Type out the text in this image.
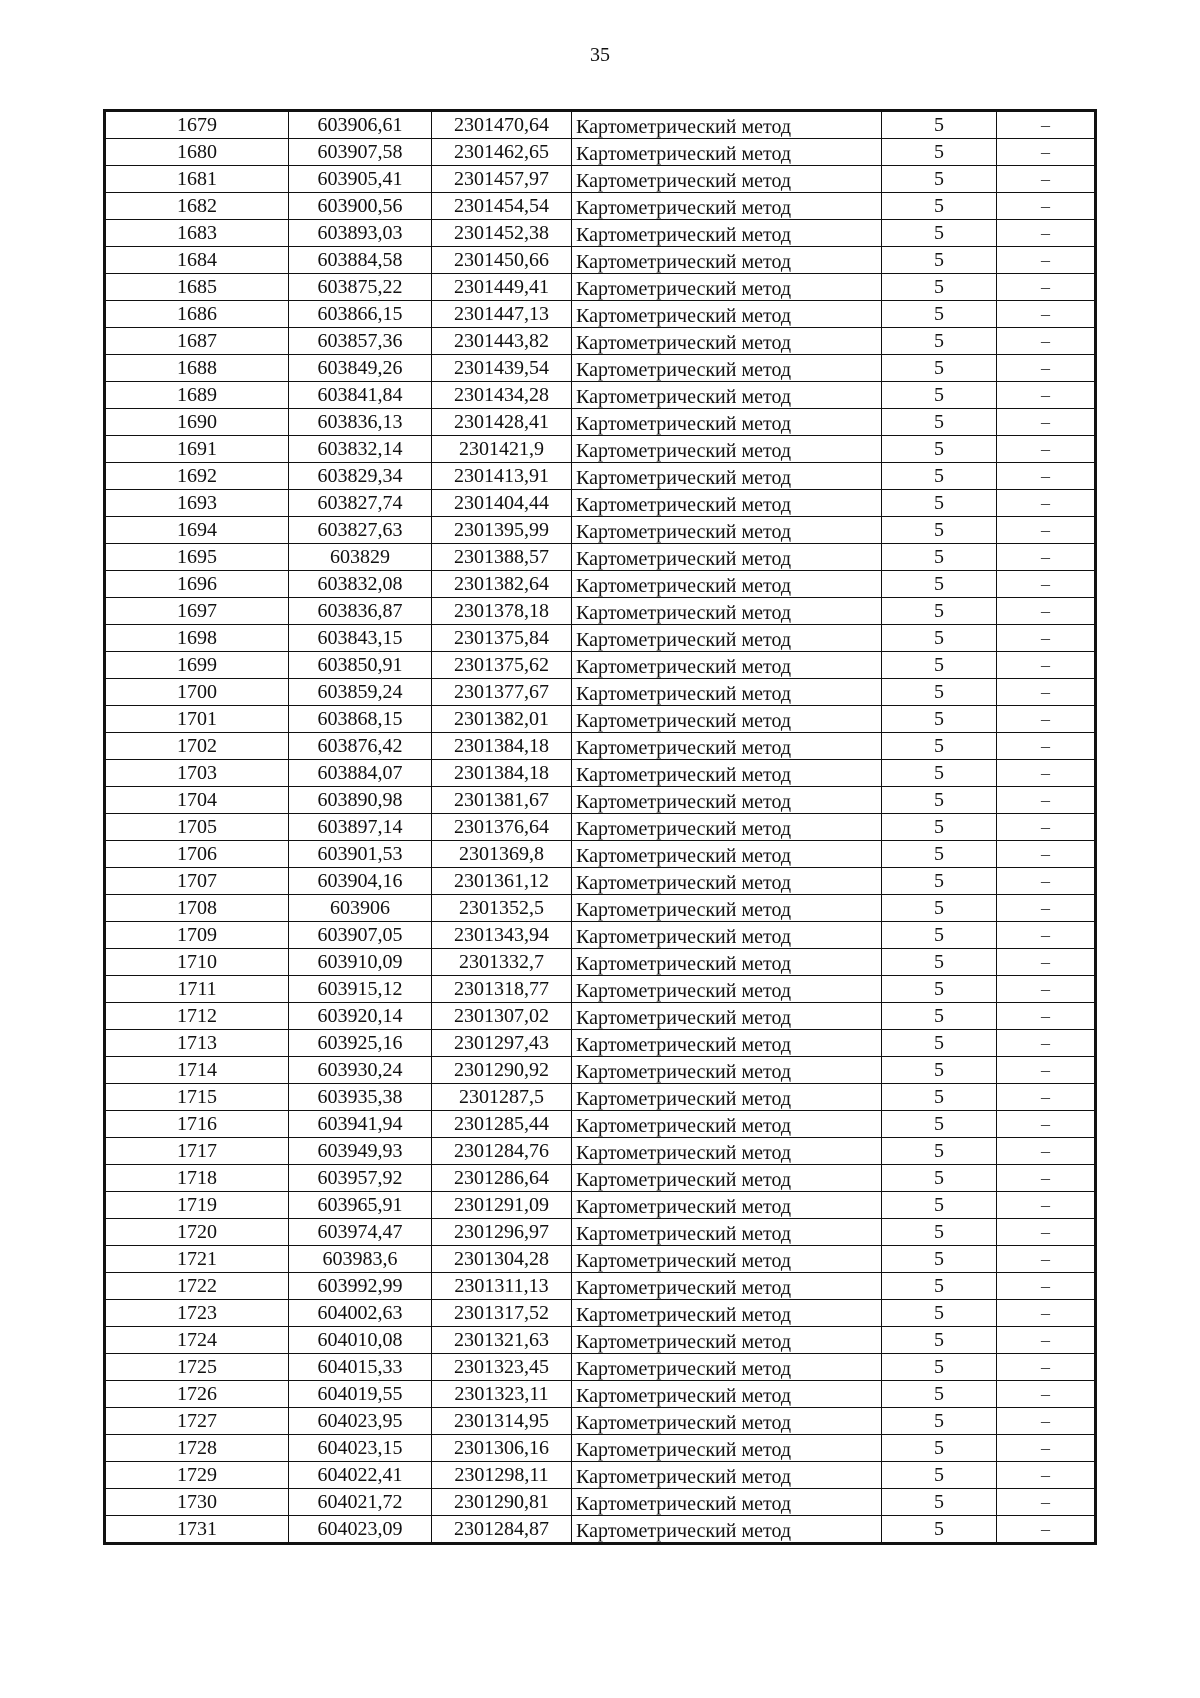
35
1679	603906,61	2301470,64	Картометрический метод	5	–
1680	603907,58	2301462,65	Картометрический метод	5	–
1681	603905,41	2301457,97	Картометрический метод	5	–
1682	603900,56	2301454,54	Картометрический метод	5	–
1683	603893,03	2301452,38	Картометрический метод	5	–
1684	603884,58	2301450,66	Картометрический метод	5	–
1685	603875,22	2301449,41	Картометрический метод	5	–
1686	603866,15	2301447,13	Картометрический метод	5	–
1687	603857,36	2301443,82	Картометрический метод	5	–
1688	603849,26	2301439,54	Картометрический метод	5	–
1689	603841,84	2301434,28	Картометрический метод	5	–
1690	603836,13	2301428,41	Картометрический метод	5	–
1691	603832,14	2301421,9	Картометрический метод	5	–
1692	603829,34	2301413,91	Картометрический метод	5	–
1693	603827,74	2301404,44	Картометрический метод	5	–
1694	603827,63	2301395,99	Картометрический метод	5	–
1695	603829	2301388,57	Картометрический метод	5	–
1696	603832,08	2301382,64	Картометрический метод	5	–
1697	603836,87	2301378,18	Картометрический метод	5	–
1698	603843,15	2301375,84	Картометрический метод	5	–
1699	603850,91	2301375,62	Картометрический метод	5	–
1700	603859,24	2301377,67	Картометрический метод	5	–
1701	603868,15	2301382,01	Картометрический метод	5	–
1702	603876,42	2301384,18	Картометрический метод	5	–
1703	603884,07	2301384,18	Картометрический метод	5	–
1704	603890,98	2301381,67	Картометрический метод	5	–
1705	603897,14	2301376,64	Картометрический метод	5	–
1706	603901,53	2301369,8	Картометрический метод	5	–
1707	603904,16	2301361,12	Картометрический метод	5	–
1708	603906	2301352,5	Картометрический метод	5	–
1709	603907,05	2301343,94	Картометрический метод	5	–
1710	603910,09	2301332,7	Картометрический метод	5	–
1711	603915,12	2301318,77	Картометрический метод	5	–
1712	603920,14	2301307,02	Картометрический метод	5	–
1713	603925,16	2301297,43	Картометрический метод	5	–
1714	603930,24	2301290,92	Картометрический метод	5	–
1715	603935,38	2301287,5	Картометрический метод	5	–
1716	603941,94	2301285,44	Картометрический метод	5	–
1717	603949,93	2301284,76	Картометрический метод	5	–
1718	603957,92	2301286,64	Картометрический метод	5	–
1719	603965,91	2301291,09	Картометрический метод	5	–
1720	603974,47	2301296,97	Картометрический метод	5	–
1721	603983,6	2301304,28	Картометрический метод	5	–
1722	603992,99	2301311,13	Картометрический метод	5	–
1723	604002,63	2301317,52	Картометрический метод	5	–
1724	604010,08	2301321,63	Картометрический метод	5	–
1725	604015,33	2301323,45	Картометрический метод	5	–
1726	604019,55	2301323,11	Картометрический метод	5	–
1727	604023,95	2301314,95	Картометрический метод	5	–
1728	604023,15	2301306,16	Картометрический метод	5	–
1729	604022,41	2301298,11	Картометрический метод	5	–
1730	604021,72	2301290,81	Картометрический метод	5	–
1731	604023,09	2301284,87	Картометрический метод	5	–
